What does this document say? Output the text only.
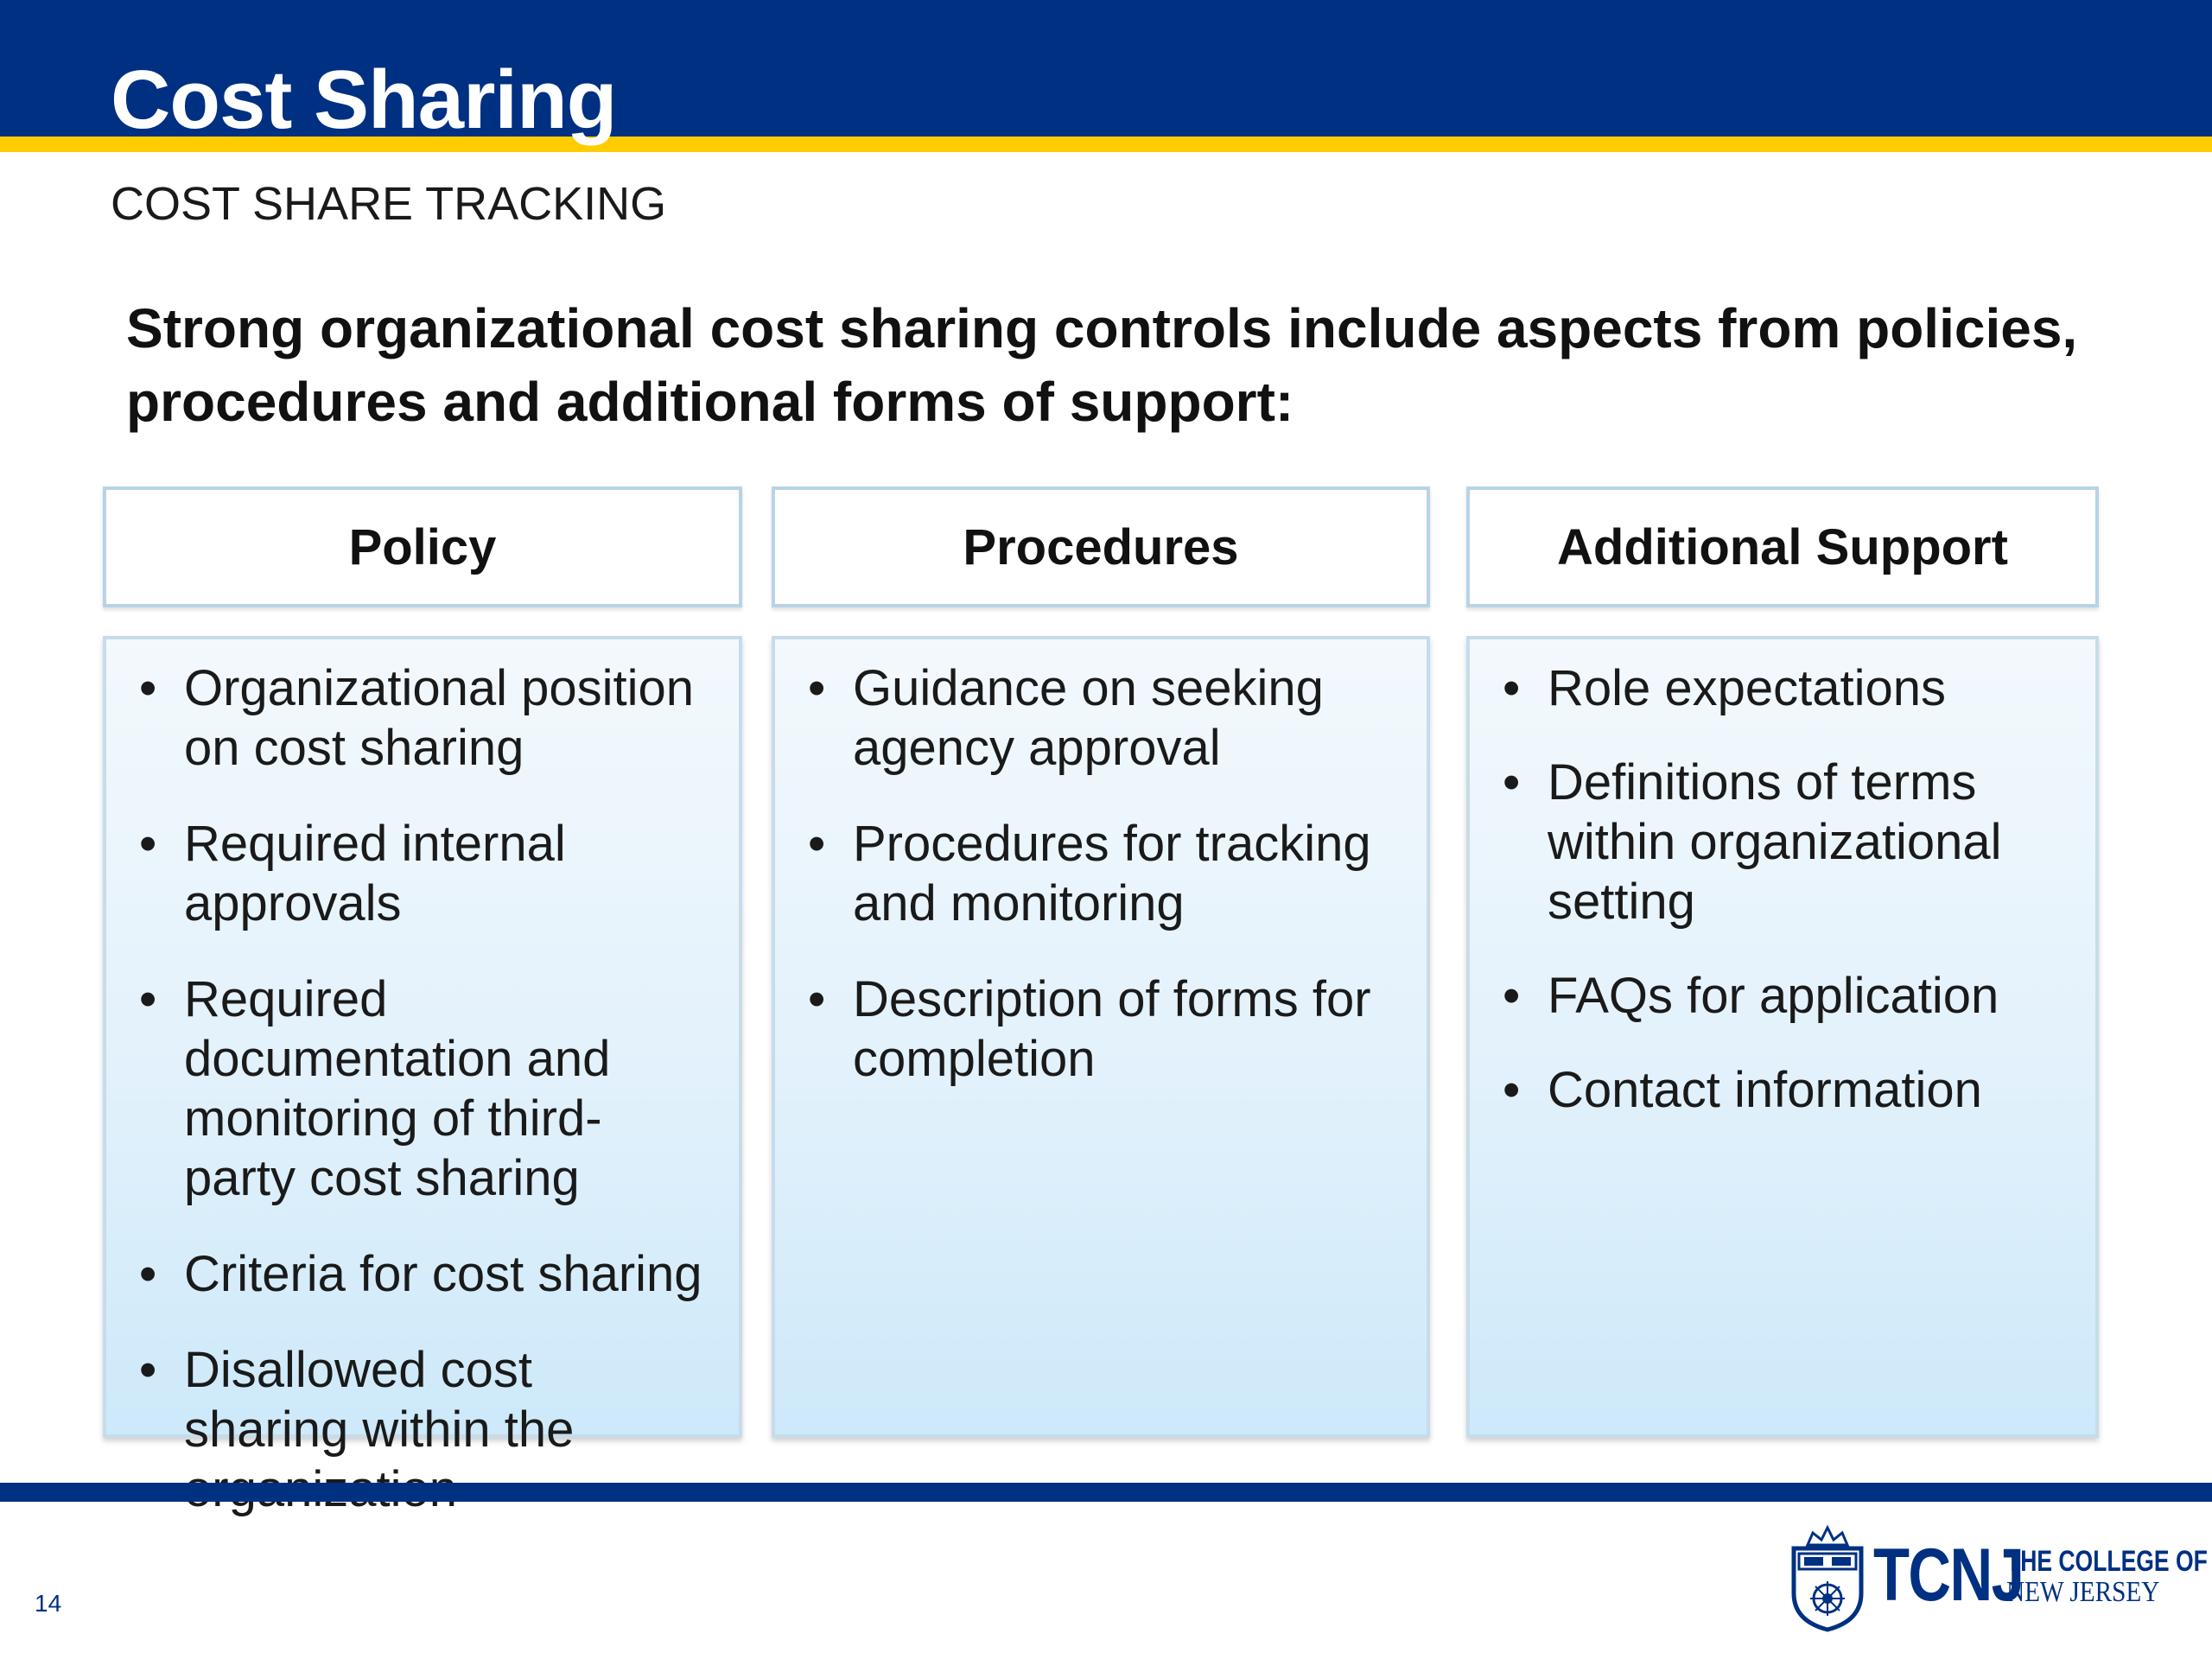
Cost Sharing
COST SHARE TRACKING
Strong organizational cost sharing controls include aspects from policies, procedures and additional forms of support:
Policy
• Organizational position on cost sharing
• Required internal approvals
• Required documentation and monitoring of third-party cost sharing
• Criteria for cost sharing
• Disallowed cost sharing within the
Procedures
• Guidance on seeking agency approval
• Procedures for tracking and monitoring
• Description of forms for completion
Additional Support
• Role expectations
• Definitions of terms within organizational setting
• FAQs for application
• Contact information
14	TCNJ
THE COLLEGE OF
NEW JERSEY
